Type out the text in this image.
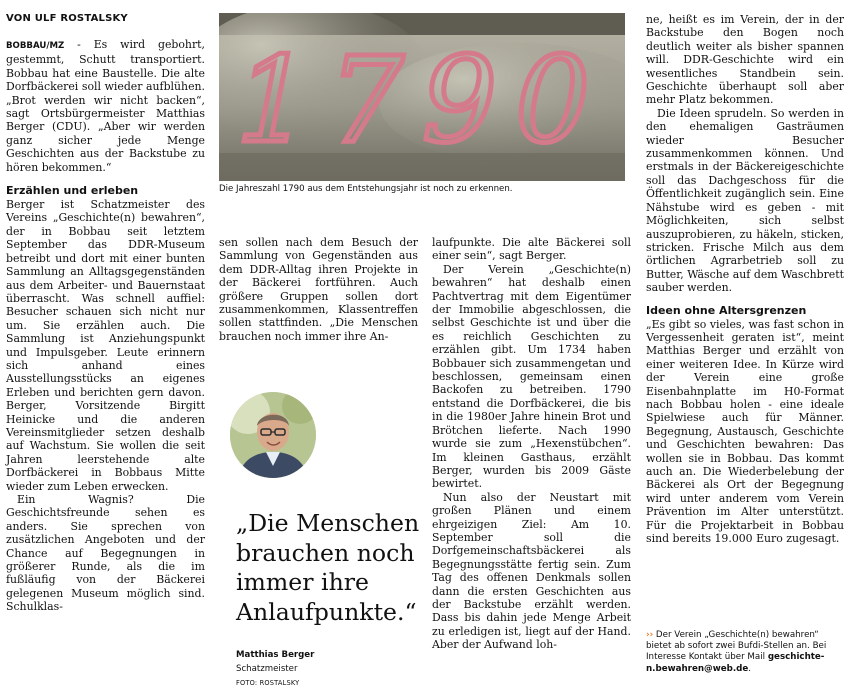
VON ULF ROSTALSKY

BOBBAU/MZ - Es wird gebohrt, gestemmt, Schutt transportiert. Bobbau hat eine Baustelle. Die alte Dorfbäckerei soll wieder aufblühen. „Brot werden wir nicht backen“, sagt Ortsbürgermeister Matthias Berger (CDU). „Aber wir werden ganz sicher jede Menge Geschichten aus der Backstube zu hören bekommen.“

Erzählen und erleben

Berger ist Schatzmeister des Vereins „Geschichte(n) bewahren“, der in Bobbau seit letztem September das DDR-Museum betreibt und dort mit einer bunten Sammlung an Alltagsgegenständen aus dem Arbeiter- und Bauernstaat überrascht. Was schnell auffiel: Besucher schauen sich nicht nur um. Sie erzählen auch. Die Sammlung ist Anziehungspunkt und Impulsgeber. Leute erinnern sich anhand eines Ausstellungsstücks an eigenes Erleben und berichten gern davon. Berger, Vorsitzende Birgitt Heinicke und die anderen Vereinsmitglieder setzen deshalb auf Wachstum. Sie wollen die seit Jahren leerstehende alte Dorfbäckerei in Bobbaus Mitte wieder zum Leben erwecken.

Ein Wagnis? Die Geschichtsfreunde sehen es anders. Sie sprechen von zusätzlichen Angeboten und der Chance auf Begegnungen in größerer Runde, als die im fußläufig von der Bäckerei gelegenen Museum möglich sind. Schulklas-

1790
Die Jahreszahl 1790 aus dem Entstehungsjahr ist noch zu erkennen.

sen sollen nach dem Besuch der Sammlung von Gegenständen aus dem DDR-Alltag ihren Projekte in der Bäckerei fortführen. Auch größere Gruppen sollen dort zusammenkommen, Klassentreffen sollen stattfinden. „Die Menschen brauchen noch immer ihre An-

„Die Menschen brauchen noch immer ihre Anlaufpunkte.“
Matthias Berger
Schatzmeister
FOTO: ROSTALSKY

laufpunkte. Die alte Bäckerei soll einer sein“, sagt Berger.

Der Verein „Geschichte(n) bewahren“ hat deshalb einen Pachtvertrag mit dem Eigentümer der Immobilie abgeschlossen, die selbst Geschichte ist und über die es reichlich Geschichten zu erzählen gibt. Um 1734 haben Bobbauer sich zusammengetan und beschlossen, gemeinsam einen Backofen zu betreiben. 1790 entstand die Dorfbäckerei, die bis in die 1980er Jahre hinein Brot und Brötchen lieferte. Nach 1990 wurde sie zum „Hexenstübchen“. Im kleinen Gasthaus, erzählt Berger, wurden bis 2009 Gäste bewirtet.

Nun also der Neustart mit großen Plänen und einem ehrgeizigen Ziel: Am 10. September soll die Dorfgemeinschaftsbäckerei als Begegnungsstätte fertig sein. Zum Tag des offenen Denkmals sollen dann die ersten Geschichten aus der Backstube erzählt werden. Dass bis dahin jede Menge Arbeit zu erledigen ist, liegt auf der Hand. Aber der Aufwand loh-

ne, heißt es im Verein, der in der Backstube den Bogen noch deutlich weiter als bisher spannen will. DDR-Geschichte wird ein wesentliches Standbein sein. Geschichte überhaupt soll aber mehr Platz bekommen.

Die Ideen sprudeln. So werden in den ehemaligen Gasträumen wieder Besucher zusammenkommen können. Und erstmals in der Bäckereigeschichte soll das Dachgeschoss für die Öffentlichkeit zugänglich sein. Eine Nähstube wird es geben - mit Möglichkeiten, sich selbst auszuprobieren, zu häkeln, sticken, stricken. Frische Milch aus dem örtlichen Agrarbetrieb soll zu Butter, Wäsche auf dem Waschbrett sauber werden.

Ideen ohne Altersgrenzen

„Es gibt so vieles, was fast schon in Vergessenheit geraten ist“, meint Matthias Berger und erzählt von einer weiteren Idee. In Kürze wird der Verein eine große Eisenbahnplatte im H0-Format nach Bobbau holen - eine ideale Spielwiese auch für Männer. Begegnung, Austausch, Geschichte und Geschichten bewahren: Das wollen sie in Bobbau. Das kommt auch an. Die Wiederbelebung der Bäckerei als Ort der Begegnung wird unter anderem vom Verein Prävention im Alter unterstützt. Für die Projektarbeit in Bobbau sind bereits 19.000 Euro zugesagt.

›› Der Verein „Geschichte(n) bewahren“ bietet ab sofort zwei Bufdi-Stellen an. Bei Interesse Kontakt über Mail geschichte-n.bewahren@web.de.
